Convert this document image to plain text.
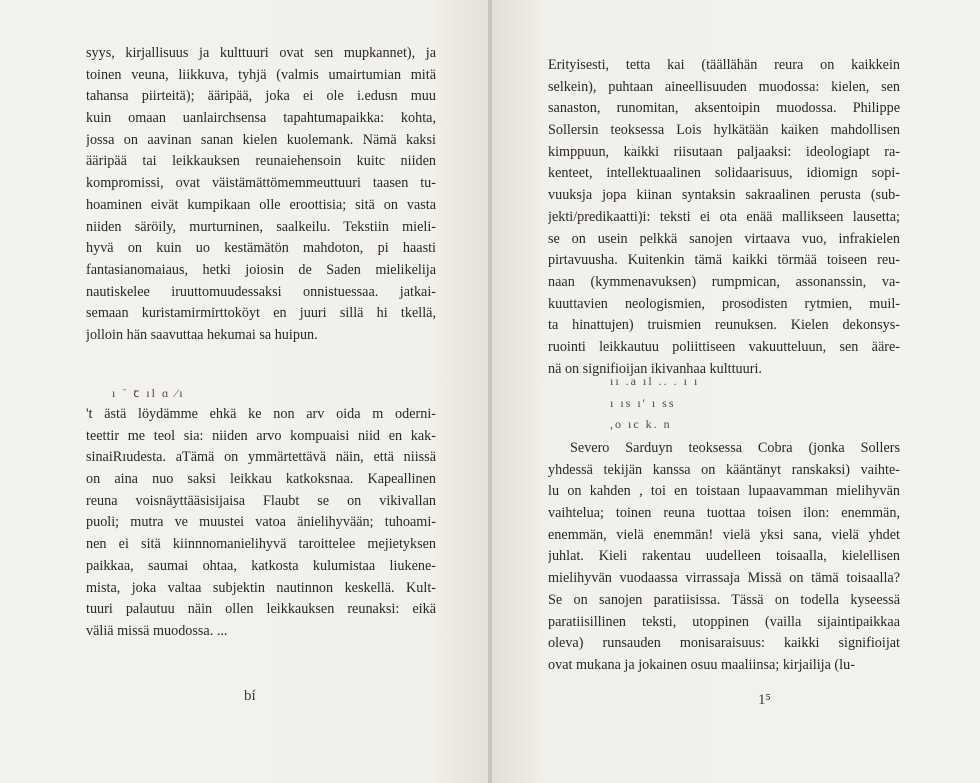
syys, kirjallisuus ja kulttuuri ovat sen mupkannet), ja
toinen veuna, liikkuva, tyhjä (valmis umairtumian mitä
tahansa piirteitä); ääripää, joka ei ole i.edusn muu
kuin omaan uanlairchsensa tapahtumapaikka: kohta,
jossa on aavinan sanan kielen kuolemank. Nämä kaksi
ääripää tai leikkauksen reunaiehensoin kuitc niiden
kompromissi, ovat väistämättömemmeuttuuri taasen tu-
hoaminen eivät kumpikaan olle eroottisia; sitä on vasta
niiden säröily, murturninen, saalkeilu. Tekstiin mieli-
hyvä on kuin uo kestämätön mahdoton, pi haasti
fantasianomaiaus, hetki joiosin de Saden mielikelija
nautiskelee iruuttomuudessaksi onnistuessaa. jatkai-
semaan kuristamirmirttoköyt en juuri sillä hi tkellä,
jolloin hän saavuttaa hekumai sa huipun.
ı ⁻ ꞇ ıl ɑ ⁄ı
't ästä löydämme ehkä ke non arv oida m oderni-
teettir me teol sia: niiden arvo kompuaisi niid en kak-
sinaiRıudesta. aTämä on ymmärtettävä näin, että niissä
on aina nuo saksi leikkau katkoksnaa. Kapeallinen
reuna voisnäyttääsisijaisa Flaubt se on vikivallan
puoli; mutra ve muustei vatoa änielihyvään; tuhoami-
nen ei sitä kiinnnomanielihyvä taroittelee mejietyksen
paikkaa, saumai ohtaa, katkosta kulumistaa liukene-
mista, joka valtaa subjektin nautinnon keskellä. Kult-
tuuri palautuu näin ollen leikkauksen reunaksi: eikä
väliä missä muodossa. ...
bí
Erityisesti, tetta kai (täällähän reura on kaikkein
selkein), puhtaan aineellisuuden muodossa: kielen, sen
sanaston, runomitan, aksentoipin muodossa. Philippe
Sollersin teoksessa Lois hylkätään kaiken mahdollisen
kimppuun, kaikki riisutaan paljaaksi: ideologiapt ra-
kenteet, intellektuaalinen solidaarisuus, idiomign sopi-
vuuksja jopa kiinan syntaksin sakraalinen perusta (sub-
jekti/predikaatti)i: teksti ei ota enää mallikseen lausetta;
se on usein pelkkä sanojen virtaava vuo, infrakielen
pirtavuusha. Kuitenkin tämä kaikki törmää toiseen reu-
naan (kymmenavuksen) rumpmiсan, assonanssin, va-
kuuttavien neologismien, prosodisten rytmien, muil-
ta hinattujen) truismien reunuksen. Kielen dekonsys-
ruointi leikkautuu poliittiseen vakuutteluun, sen ääre-
nä on signifioijan ikivanhaa kulttuuri.
ıı .a ıl .. . ı ı
ı ıs ı' ı ss
,o ıc k. n
Severo Sarduyn teoksessa Cobra (jonka Sollers
yhdessä tekijän kanssa on kääntänyt ranskaksi) vaihte-
lu on kahden , toi en toistaan lupaavamman mielihyvän
vaihtelua; toinen reuna tuottaa toisen ilon: enemmän,
enemmän, vielä enemmän! vielä yksi sana, vielä yhdet
juhlat. Kieli rakentau uudelleen toisaalla, kielellisen
mielihyvän vuodaassa virrassaja Missä on tämä toisaalla?
Se on sanojen paratiisissa. Tässä on todella kyseessä
paratiisillinen teksti, utoppinen (vailla sijaintipaikkaa
oleva) runsauden monisaraisuus: kaikki signifioijat
ovat mukana ja jokainen osuu maaliinsa; kirjailija (lu-
1⁵
